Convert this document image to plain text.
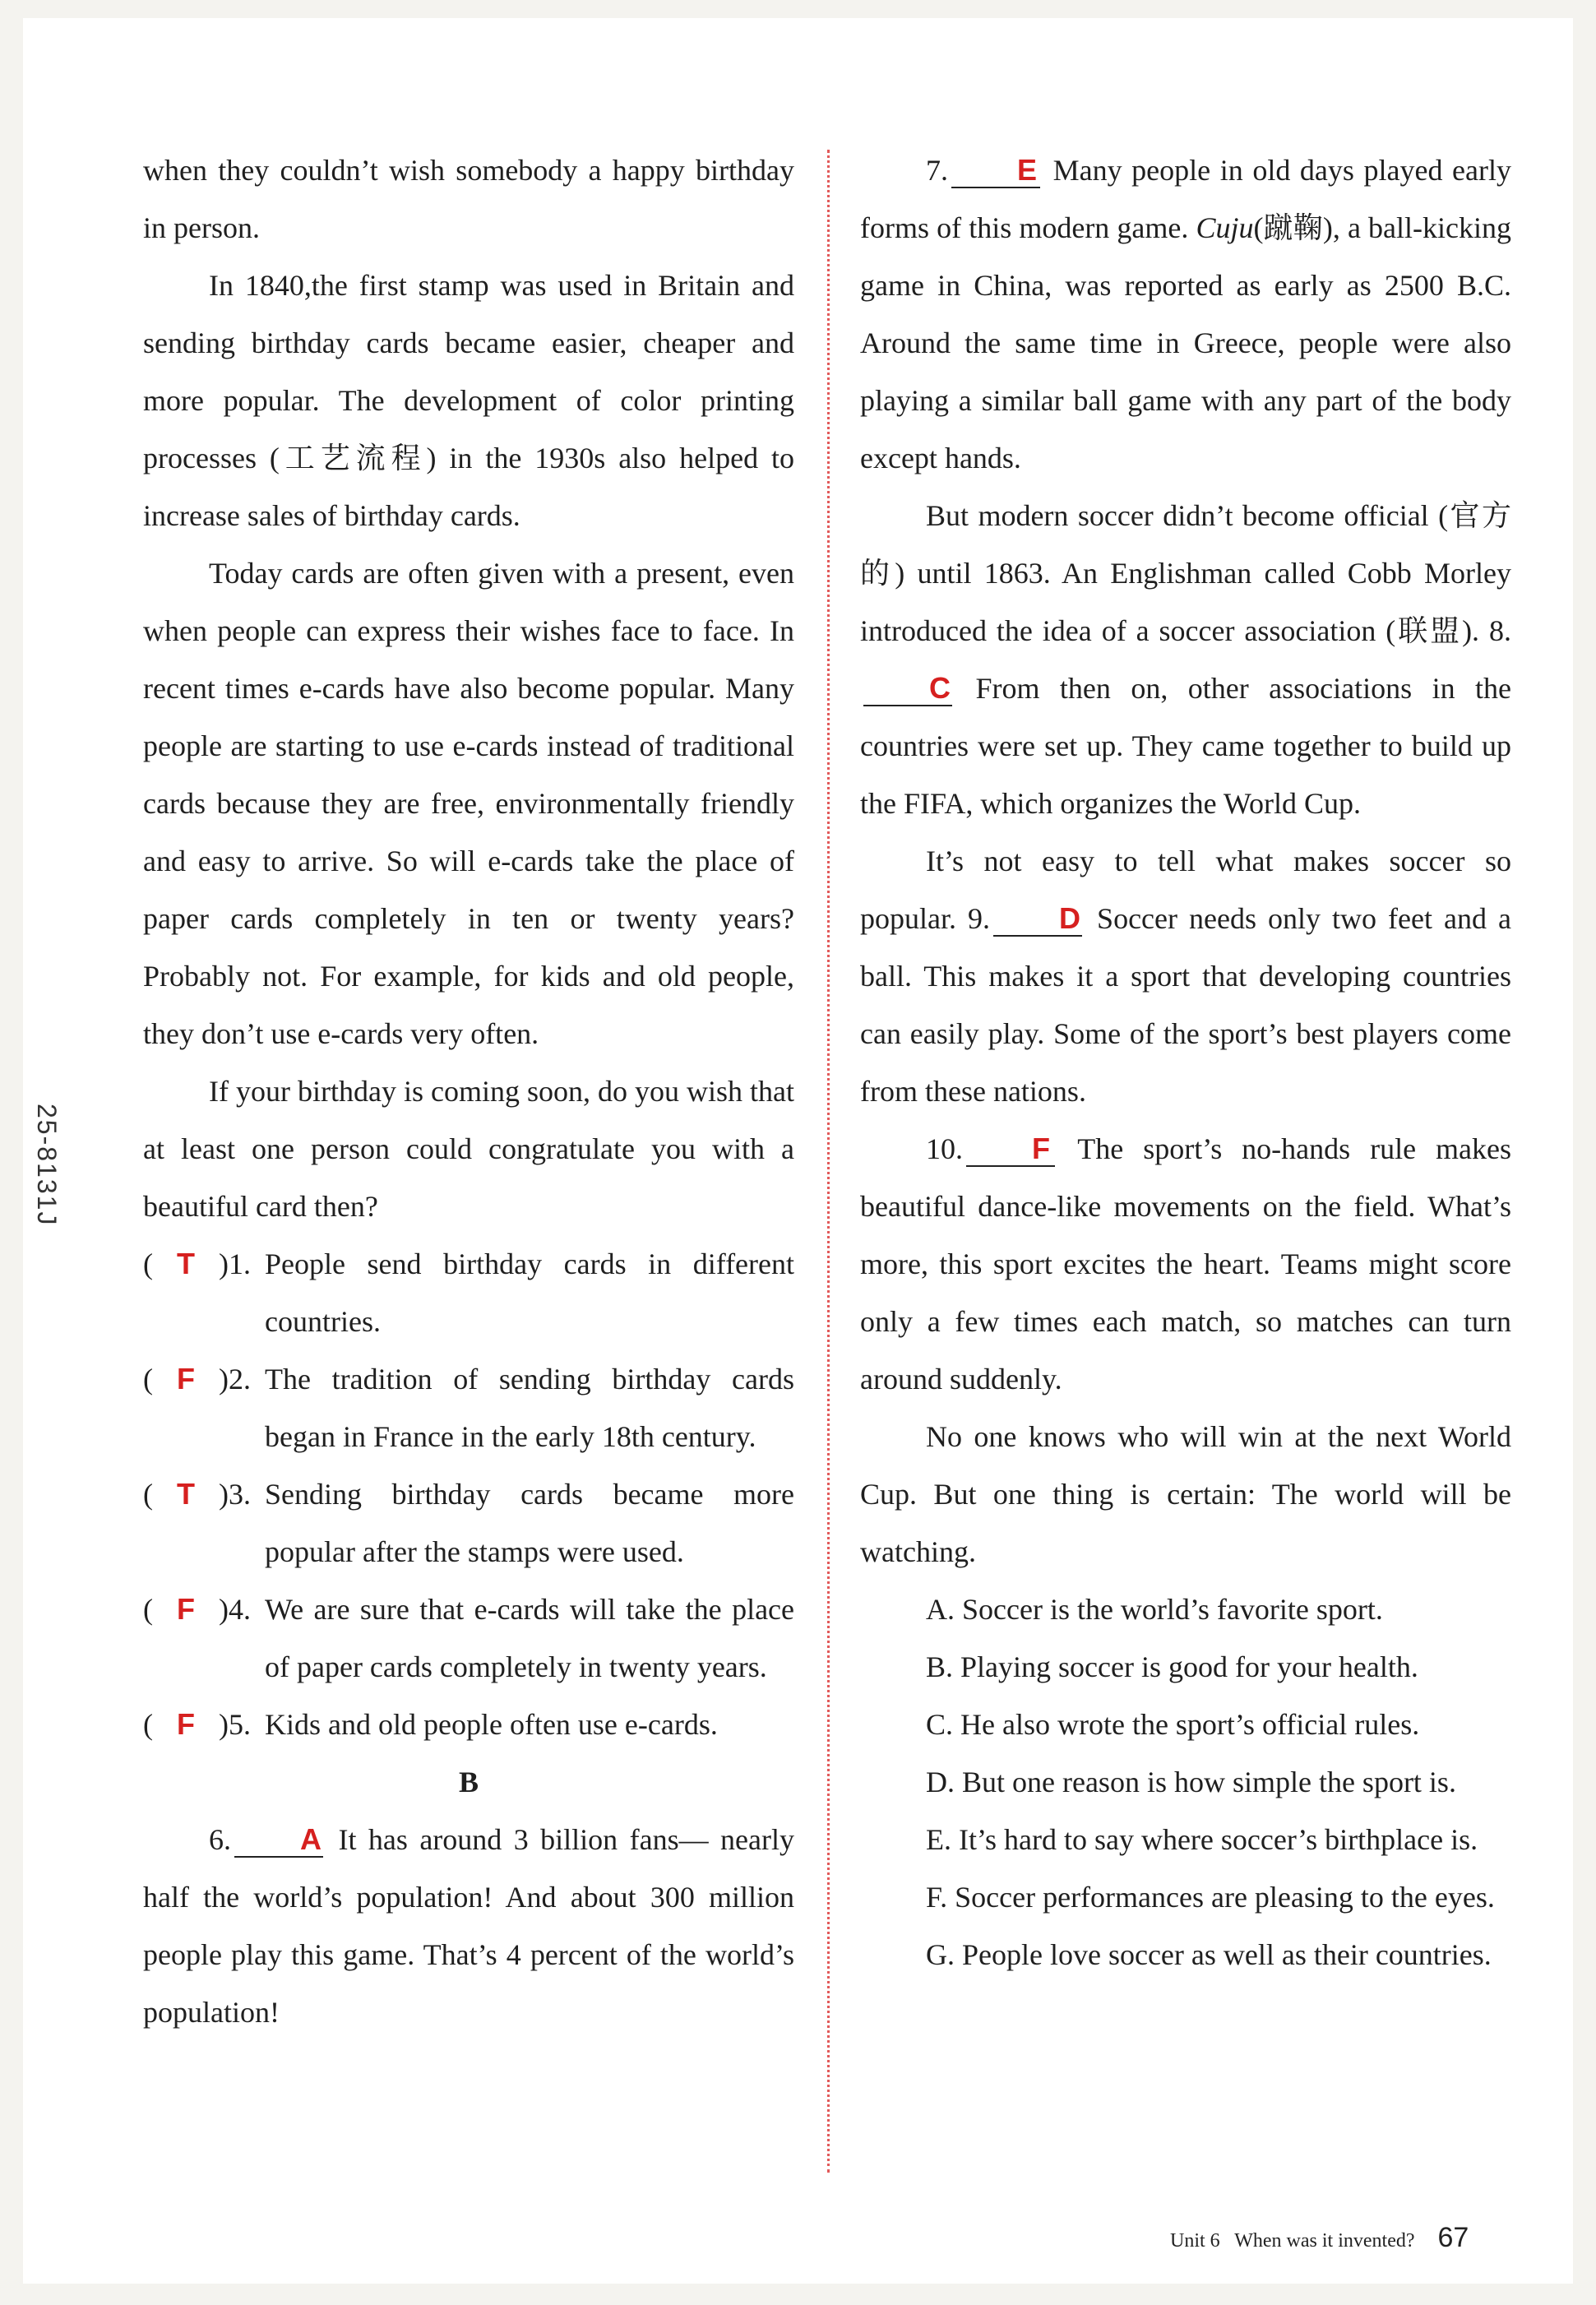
25-8131J

when they couldn’t wish somebody a happy birthday in person.

In 1840,the first stamp was used in Britain and sending birthday cards became easier, cheaper and more popular. The development of color printing processes (工艺流程) in the 1930s also helped to increase sales of birthday cards.

Today cards are often given with a present, even when people can express their wishes face to face. In recent times e-cards have also become popular. Many people are starting to use e-cards instead of traditional cards because they are free, environmentally friendly and easy to arrive. So will e-cards take the place of paper cards completely in ten or twenty years? Probably not. For example, for kids and old people, they don’t use e-cards very often.

If your birthday is coming soon, do you wish that at least one person could congratulate you with a beautiful card then?

(  T  )1. People send birthday cards in different countries.
(  F  )2. The tradition of sending birthday cards began in France in the early 18th century.
(  T  )3. Sending birthday cards became more popular after the stamps were used.
(  F  )4. We are sure that e-cards will take the place of paper cards completely in twenty years.
(  F  )5. Kids and old people often use e-cards.

B

6. A It has around 3 billion fans— nearly half the world’s population! And about 300 million people play this game. That’s 4 percent of the world’s population!

7. E Many people in old days played early forms of this modern game. Cuju(蹴鞠), a ball-kicking game in China, was reported as early as 2500 B.C. Around the same time in Greece, people were also playing a similar ball game with any part of the body except hands.

But modern soccer didn’t become official (官方的) until 1863. An Englishman called Cobb Morley introduced the idea of a soccer association (联盟). 8.C From then on, other associations in the countries were set up. They came together to build up the FIFA, which organizes the World Cup.

It’s not easy to tell what makes soccer so popular. 9. D Soccer needs only two feet and a ball. This makes it a sport that developing countries can easily play. Some of the sport’s best players come from these nations.

10. F The sport’s no-hands rule makes beautiful dance-like movements on the field. What’s more, this sport excites the heart. Teams might score only a few times each match, so matches can turn around suddenly.

No one knows who will win at the next World Cup. But one thing is certain: The world will be watching.

A. Soccer is the world’s favorite sport.

B. Playing soccer is good for your health.

C. He also wrote the sport’s official rules.

D. But one reason is how simple the sport is.

E. It’s hard to say where soccer’s birthplace is.

F. Soccer performances are pleasing to the eyes.

G. People love soccer as well as their countries.

Unit 6 When was it invented? 67
